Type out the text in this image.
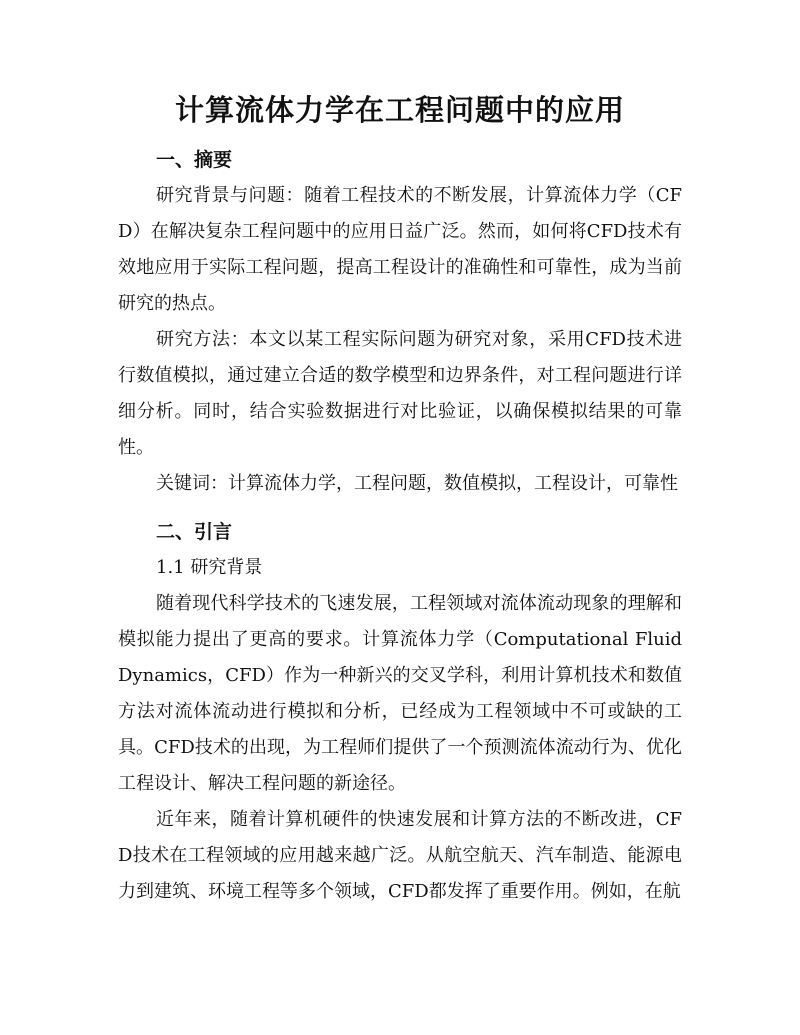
计算流体力学在工程问题中的应用
一、摘要

研究背景与问题：随着工程技术的不断发展，计算流体力学（CFD）在解决复杂工程问题中的应用日益广泛。然而，如何将CFD技术有效地应用于实际工程问题，提高工程设计的准确性和可靠性，成为当前研究的热点。

研究方法：本文以某工程实际问题为研究对象，采用CFD技术进行数值模拟，通过建立合适的数学模型和边界条件，对工程问题进行详细分析。同时，结合实验数据进行对比验证，以确保模拟结果的可靠性。

关键词：计算流体力学，工程问题，数值模拟，工程设计，可靠性

二、引言

1.1 研究背景

随着现代科学技术的飞速发展，工程领域对流体流动现象的理解和模拟能力提出了更高的要求。计算流体力学（Computational Fluid Dynamics，CFD）作为一种新兴的交叉学科，利用计算机技术和数值方法对流体流动进行模拟和分析，已经成为工程领域中不可或缺的工具。CFD技术的出现，为工程师们提供了一个预测流体流动行为、优化工程设计、解决工程问题的新途径。

近年来，随着计算机硬件的快速发展和计算方法的不断改进，CFD技术在工程领域的应用越来越广泛。从航空航天、汽车制造、能源电力到建筑、环境工程等多个领域，CFD都发挥了重要作用。例如，在航
